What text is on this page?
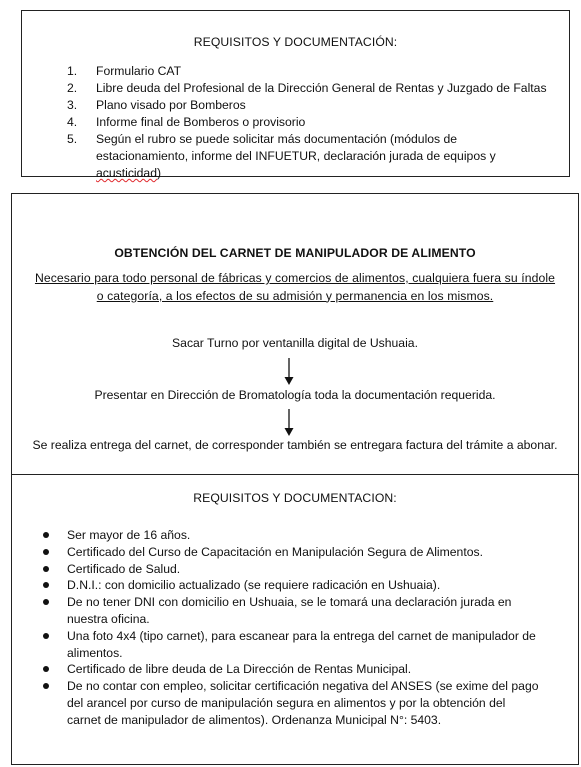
REQUISITOS Y DOCUMENTACIÓN:
1. Formulario CAT
2. Libre deuda del Profesional de la Dirección General de Rentas y Juzgado de Faltas
3. Plano visado por Bomberos
4. Informe final de Bomberos o provisorio
5. Según el rubro se puede solicitar más documentación (módulos de estacionamiento, informe del INFUETUR, declaración jurada de equipos y acusticidad)
OBTENCIÓN DEL CARNET DE MANIPULADOR DE ALIMENTO
Necesario para todo personal de fábricas y comercios de alimentos, cualquiera fuera su índole o categoría, a los efectos de su admisión y permanencia en los mismos.
Sacar Turno por ventanilla digital de Ushuaia.
Presentar en Dirección de Bromatología toda la documentación requerida.
Se realiza entrega del carnet, de corresponder también se entregara factura del trámite a abonar.
REQUISITOS Y DOCUMENTACION:
Ser mayor de 16 años.
Certificado del Curso de Capacitación en Manipulación Segura de Alimentos.
Certificado de Salud.
D.N.I.: con domicilio actualizado (se requiere radicación en Ushuaia).
De no tener DNI con domicilio en Ushuaia, se le tomará una declaración jurada en nuestra oficina.
Una foto 4x4 (tipo carnet), para escanear para la entrega del carnet de manipulador de alimentos.
Certificado de libre deuda de La Dirección de Rentas Municipal.
De no contar con empleo, solicitar certificación negativa del ANSES (se exime del pago del arancel por curso de manipulación segura en alimentos y por la obtención del carnet de manipulador de alimentos). Ordenanza Municipal N°: 5403.
